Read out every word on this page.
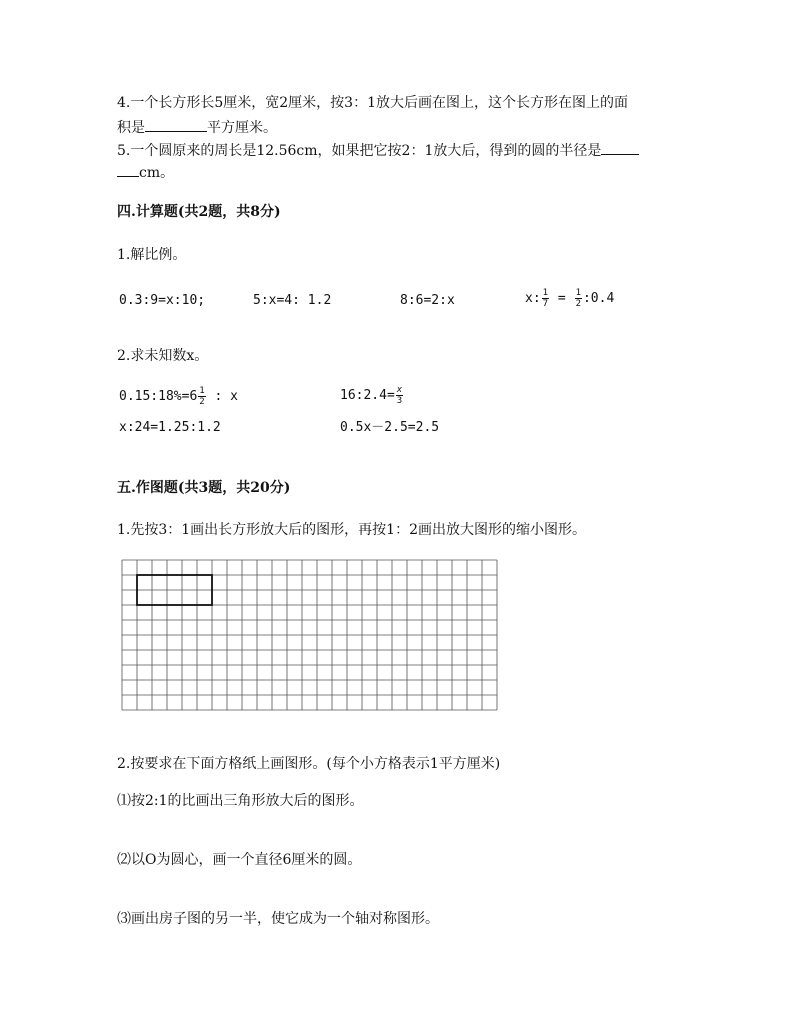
4.一个长方形长5厘米，宽2厘米，按3：1放大后画在图上，这个长方形在图上的面
积是	平方厘米。
5.一个圆原来的周长是12.56cm，如果把它按2：1放大后，得到的圆的半径是
cm。
四.计算题(共2题，共8分)
1.解比例。
0.3:9=x:10;	5:x=4: 1.2	8:6=2:x	x: $\frac{1}{7} = \frac{1}{2}$ :0.4
2.求未知数x。
0.15:18%=6 $\frac{1}{2}$ : x	16:2.4= $\frac{x}{3}$
x:24=1.25:1.2	0.5x－2.5=2.5
五.作图题(共3题，共20分)
1.先按3：1画出长方形放大后的图形，再按1：2画出放大图形的缩小图形。
2.按要求在下面方格纸上画图形。(每个小方格表示1平方厘米)
⑴按2:1的比画出三角形放大后的图形。
⑵以O为圆心，画一个直径6厘米的圆。
⑶画出房子图的另一半，使它成为一个轴对称图形。
